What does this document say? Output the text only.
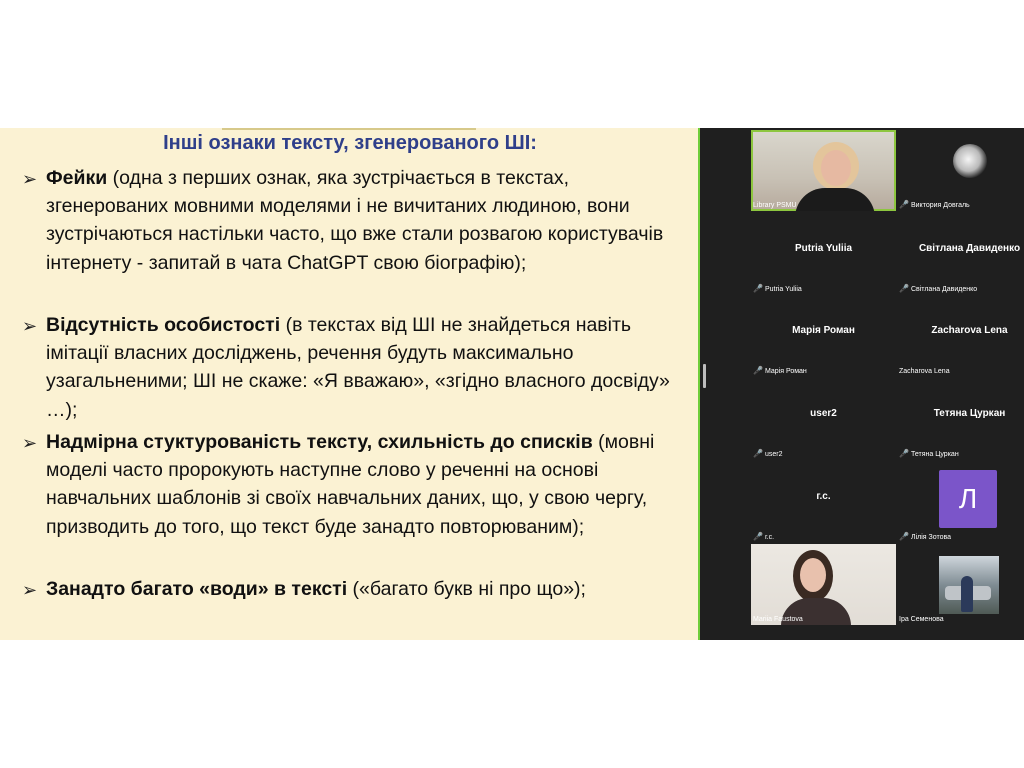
Інші ознаки тексту, згенерованого ШІ:
➢ Фейки (одна з перших ознак, яка зустрічається в текстах, згенерованих мовними моделями і не вичитаних людиною, вони зустрічаються настільки часто, що вже стали розвагою користувачів інтернету - запитай в чата ChatGPT свою біографію);
➢ Відсутність особистості (в текстах від ШІ не знайдеться навіть імітації власних досліджень, речення будуть максимально узагальненими; ШІ не скаже: «Я вважаю», «згідно власного досвіду» …);
➢ Надмірна стуктурованість тексту, схильність до списків (мовні моделі часто пророкують наступне слово у реченні на основі навчальних шаблонів зі своїх навчальних даних, що, у свою чергу, призводить до того, що текст буде занадто повторюваним);
➢ Занадто багато «води» в тексті («багато букв ні про що»);
Library PSMU	🎤 Виктория Довгаль
Putria Yuliia
🎤 Putria Yuliia
Світлана Давиденко
🎤 Світлана Давиденко
Марія Роман
🎤 Марія Роман
Zacharova Lena
Zacharova Lena
user2
🎤 user2
Тетяна Цуркан
🎤 Тетяна Цуркан
г.с.
🎤 г.с.
Л
🎤 Лілія Зотова
Mariia Faustova	Іра Семенова
